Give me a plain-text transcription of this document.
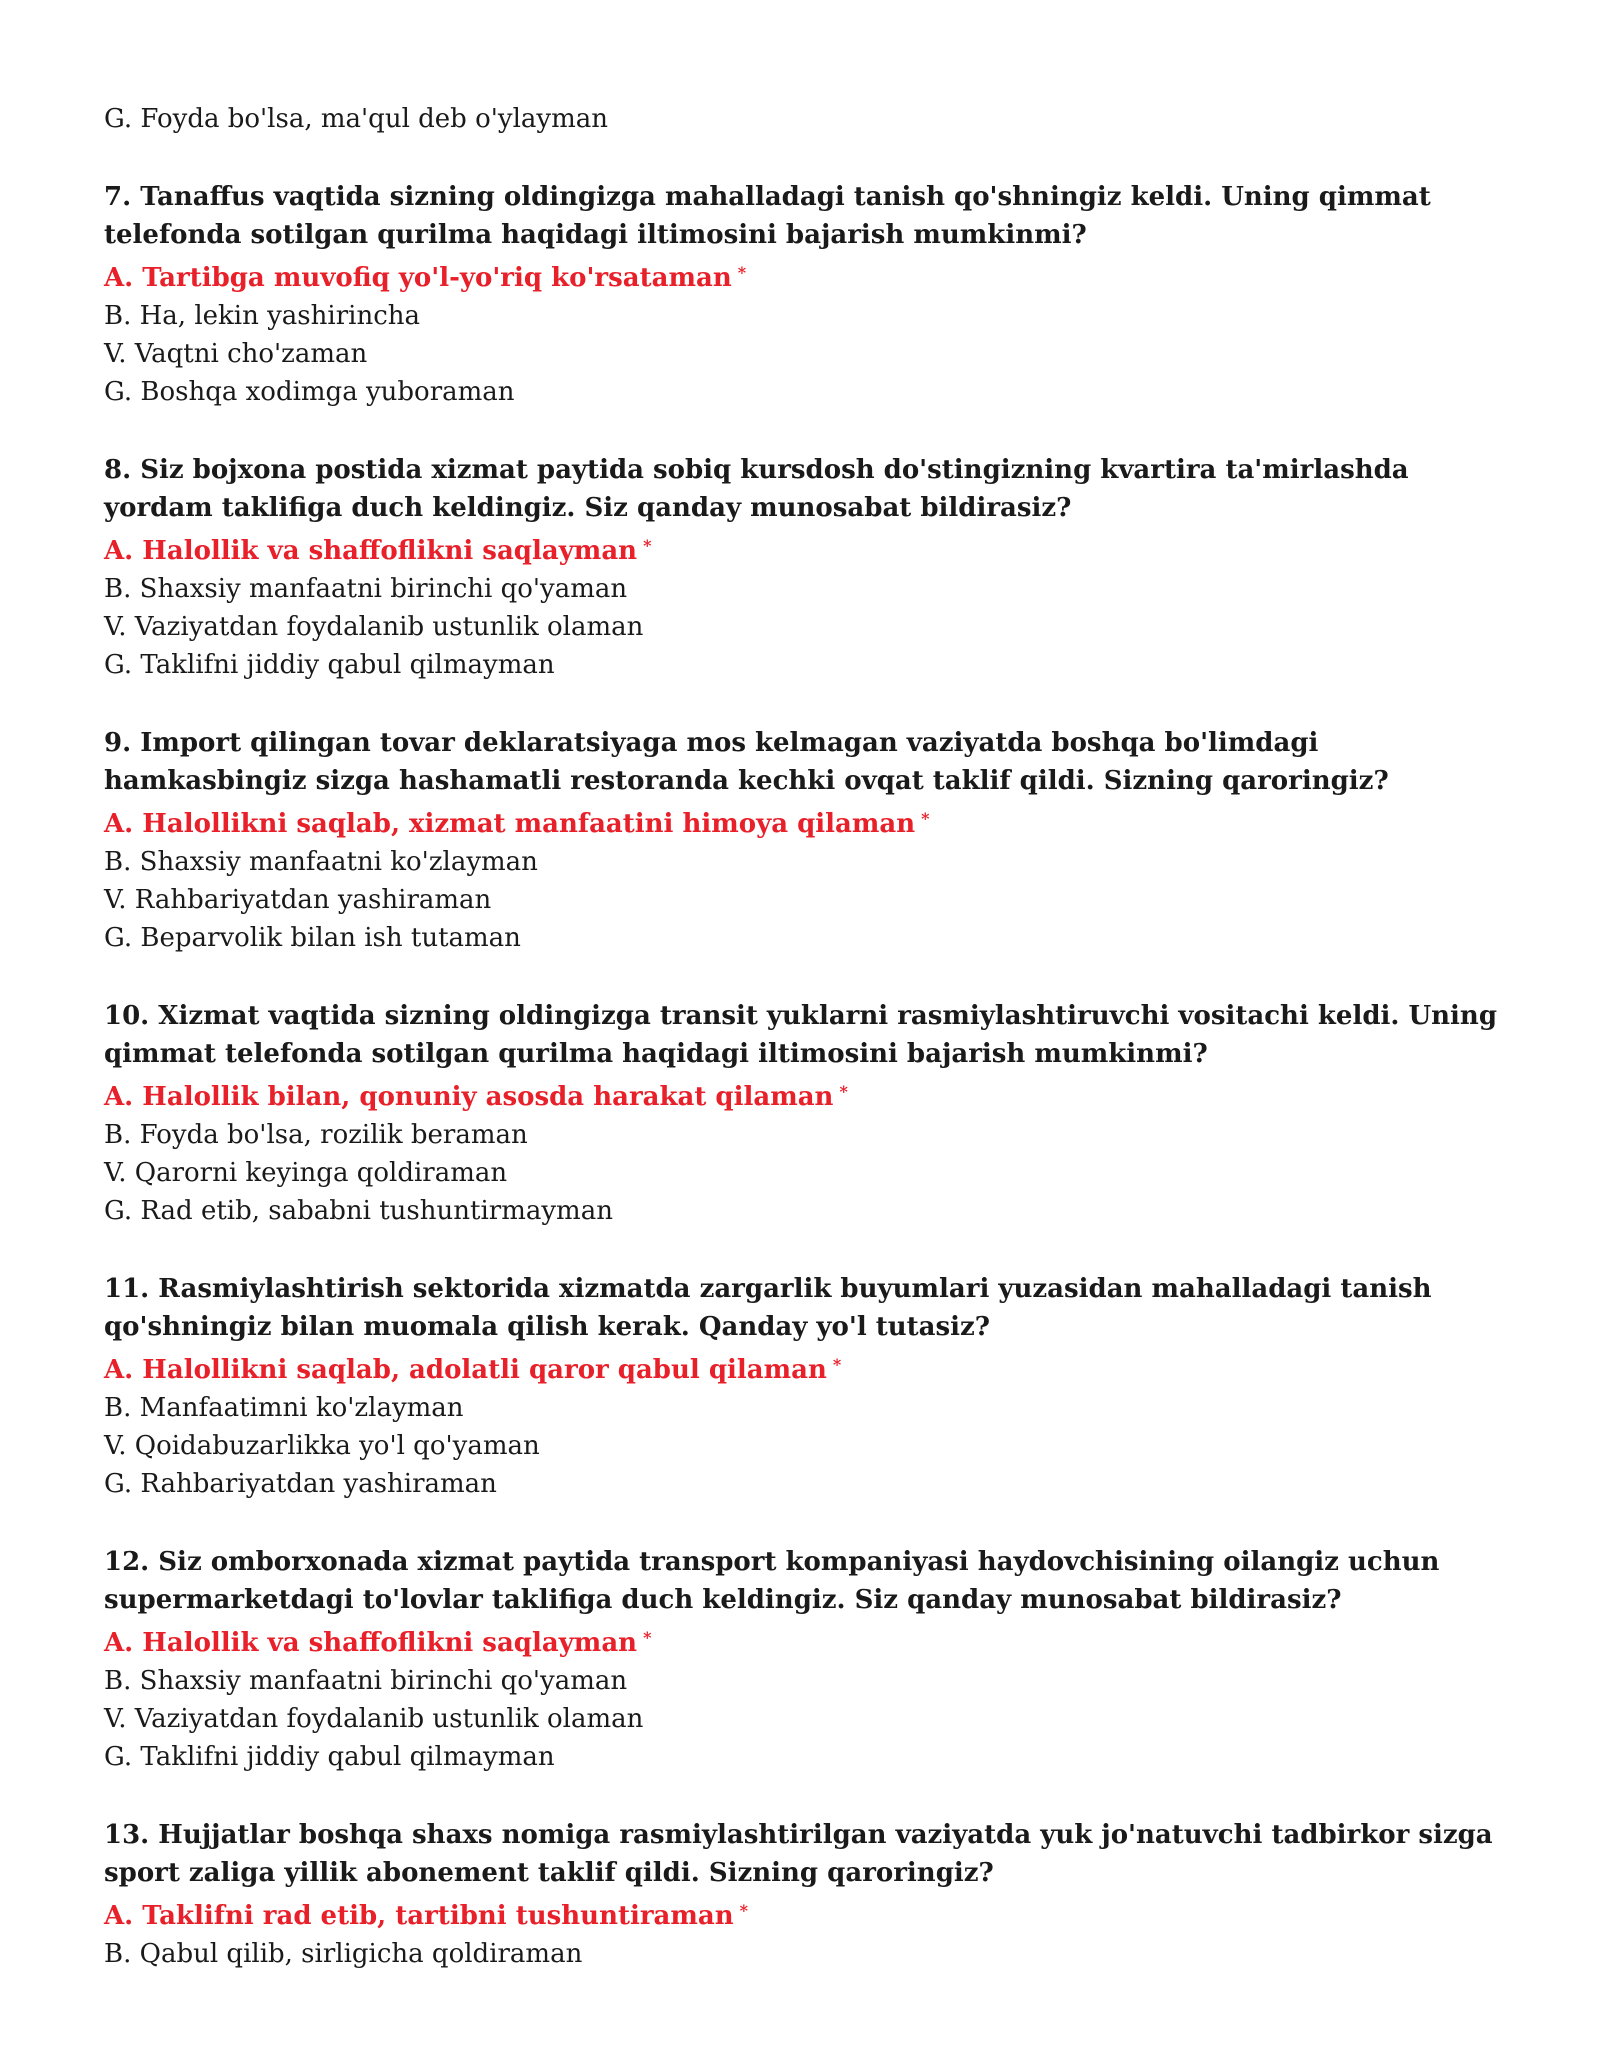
G. Foyda bo'lsa, ma'qul deb o'ylayman

7. Tanaffus vaqtida sizning oldingizga mahalladagi tanish qo'shningiz keldi. Uning qimmat telefonda sotilgan qurilma haqidagi iltimosini bajarish mumkinmi?

A. Tartibga muvofiq yo'l-yo'riq ko'rsataman *

B. Ha, lekin yashirincha

V. Vaqtni cho'zaman

G. Boshqa xodimga yuboraman

8. Siz bojxona postida xizmat paytida sobiq kursdosh do'stingizning kvartira ta'mirlashda yordam taklifiga duch keldingiz. Siz qanday munosabat bildirasiz?

A. Halollik va shaffoflikni saqlayman *

B. Shaxsiy manfaatni birinchi qo'yaman

V. Vaziyatdan foydalanib ustunlik olaman

G. Taklifni jiddiy qabul qilmayman

9. Import qilingan tovar deklaratsiyaga mos kelmagan vaziyatda boshqa bo'limdagi hamkasbingiz sizga hashamatli restoranda kechki ovqat taklif qildi. Sizning qaroringiz?

A. Halollikni saqlab, xizmat manfaatini himoya qilaman *

B. Shaxsiy manfaatni ko'zlayman

V. Rahbariyatdan yashiraman

G. Beparvolik bilan ish tutaman

10. Xizmat vaqtida sizning oldingizga transit yuklarni rasmiylashtiruvchi vositachi keldi. Uning qimmat telefonda sotilgan qurilma haqidagi iltimosini bajarish mumkinmi?

A. Halollik bilan, qonuniy asosda harakat qilaman *

B. Foyda bo'lsa, rozilik beraman

V. Qarorni keyinga qoldiraman

G. Rad etib, sababni tushuntirmayman

11. Rasmiylashtirish sektorida xizmatda zargarlik buyumlari yuzasidan mahalladagi tanish qo'shningiz bilan muomala qilish kerak. Qanday yo'l tutasiz?

A. Halollikni saqlab, adolatli qaror qabul qilaman *

B. Manfaatimni ko'zlayman

V. Qoidabuzarlikka yo'l qo'yaman

G. Rahbariyatdan yashiraman

12. Siz omborxonada xizmat paytida transport kompaniyasi haydovchisining oilangiz uchun supermarketdagi to'lovlar taklifiga duch keldingiz. Siz qanday munosabat bildirasiz?

A. Halollik va shaffoflikni saqlayman *

B. Shaxsiy manfaatni birinchi qo'yaman

V. Vaziyatdan foydalanib ustunlik olaman

G. Taklifni jiddiy qabul qilmayman

13. Hujjatlar boshqa shaxs nomiga rasmiylashtirilgan vaziyatda yuk jo'natuvchi tadbirkor sizga sport zaliga yillik abonement taklif qildi. Sizning qaroringiz?

A. Taklifni rad etib, tartibni tushuntiraman *

B. Qabul qilib, sirligicha qoldiraman
